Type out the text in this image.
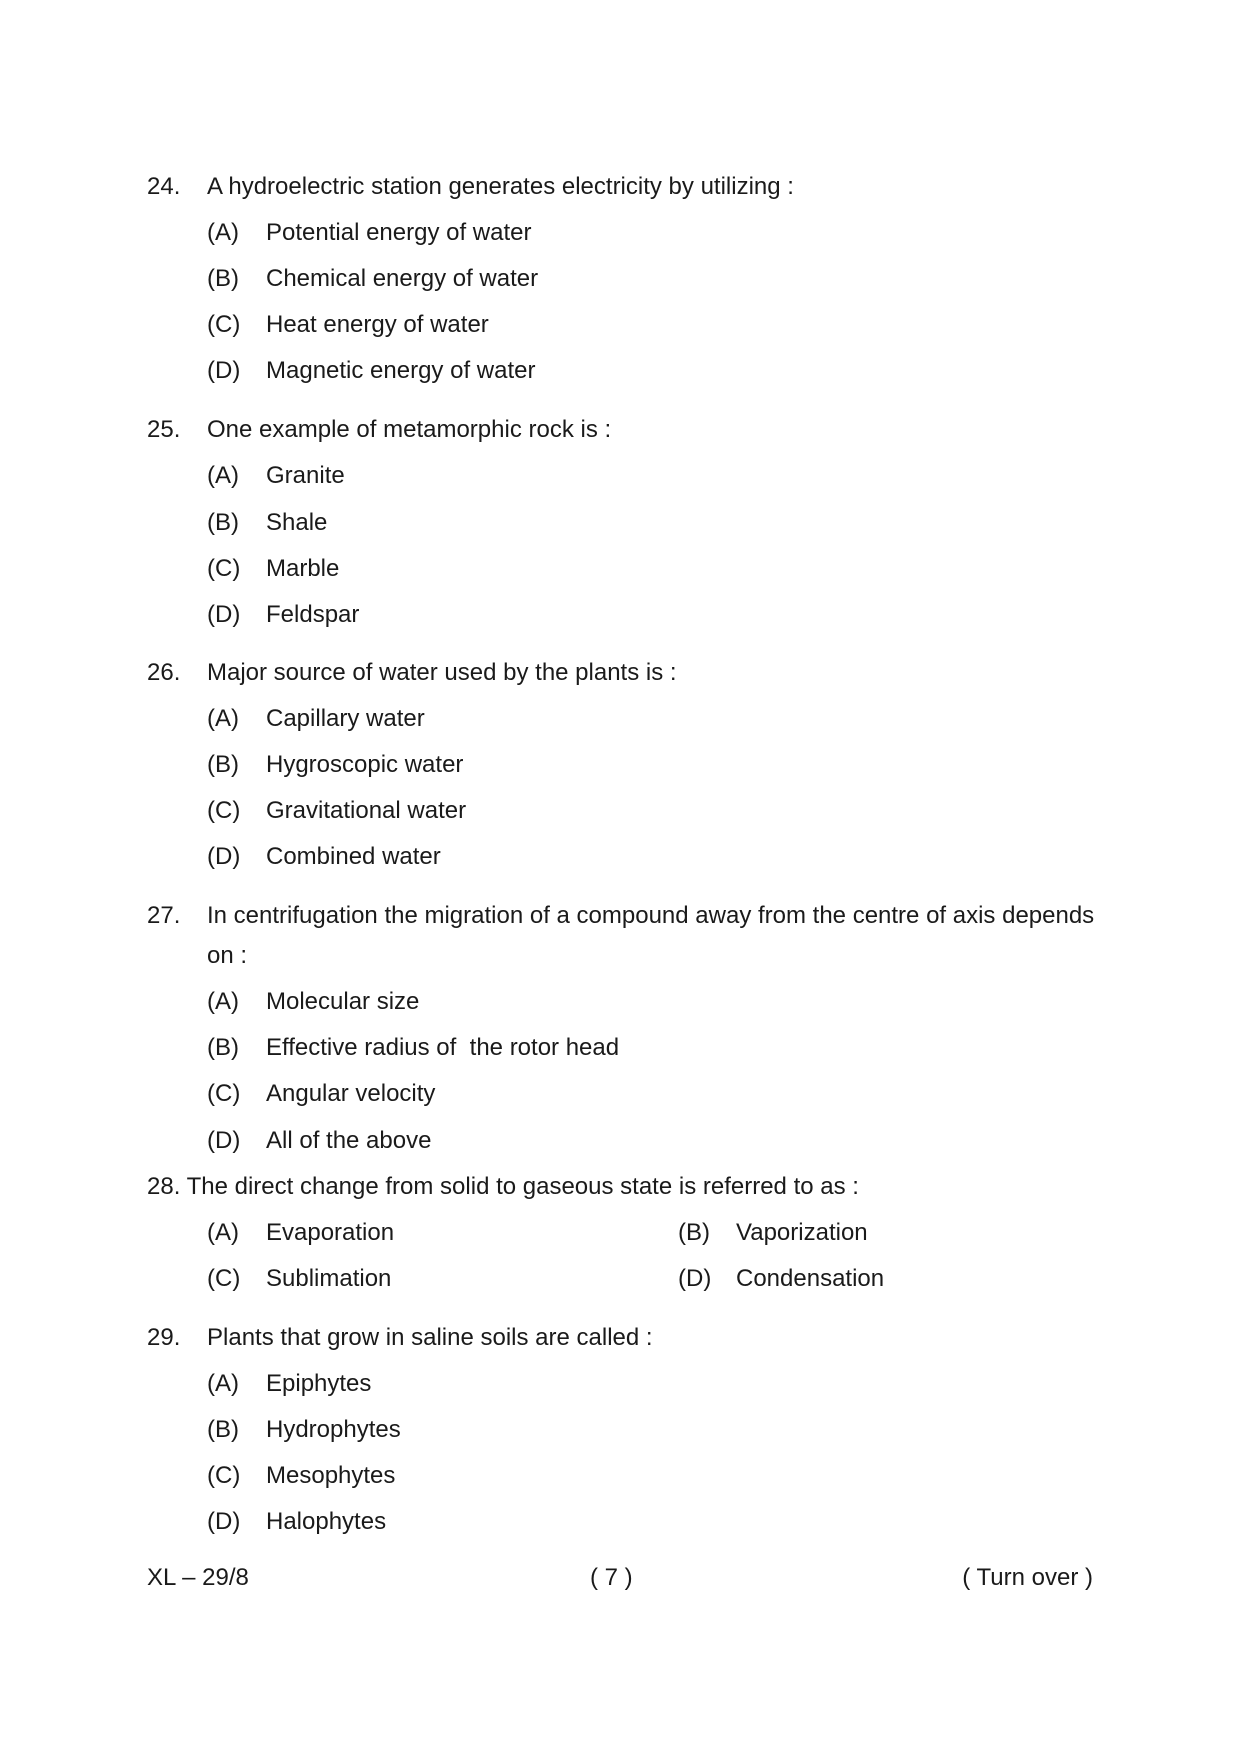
24. A hydroelectric station generates electricity by utilizing :
(A)	Potential energy of water
(B)	Chemical energy of water
(C)	Heat energy of water
(D)	Magnetic energy of water
25. One example of metamorphic rock is :
(A)	Granite
(B)	Shale
(C)	Marble
(D)	Feldspar
26. Major source of water used by the plants is :
(A)	Capillary water
(B)	Hygroscopic water
(C)	Gravitational water
(D)	Combined water
27. In centrifugation the migration of a compound away from the centre of axis depends
on :
(A)	Molecular size
(B)	Effective radius of  the rotor head
(C)	Angular velocity
(D)	All of the above
28. The direct change from solid to gaseous state is referred to as :
(A)	Evaporation	(B)	Vaporization
(C)	Sublimation	(D)	Condensation
29. Plants that grow in saline soils are called :
(A)	Epiphytes
(B)	Hydrophytes
(C)	Mesophytes
(D)	Halophytes
XL – 29/8	( 7 )	( Turn over )
